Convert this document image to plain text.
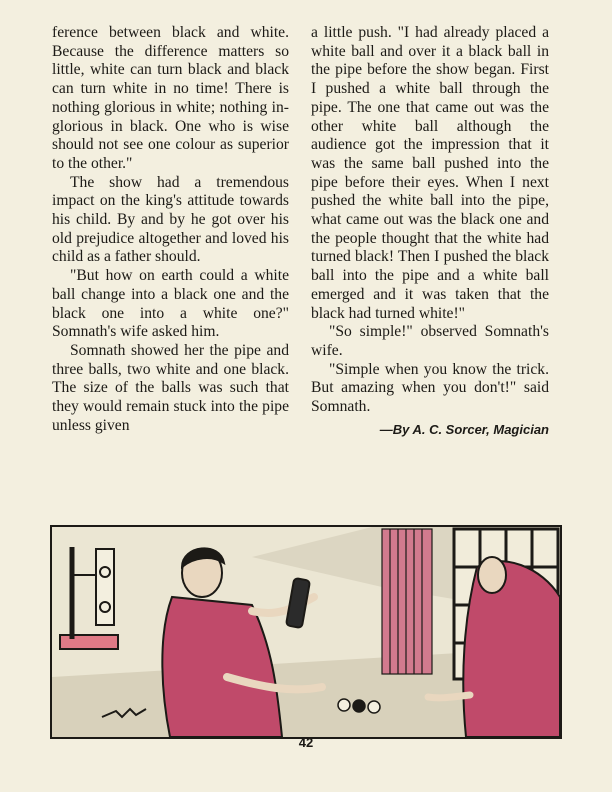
ference between black and white. Because the difference matters so little, white can turn black and black can turn white in no time! There is nothing glorious in white; nothing in-glorious in black. One who is wise should not see one colour as superior to the other."

The show had a tremendous impact on the king's attitude towards his child. By and by he got over his old prejudice altogether and loved his child as a father should.

"But how on earth could a white ball change into a black one and the black one into a white one?" Somnath's wife asked him.

Somnath showed her the pipe and three balls, two white and one black. The size of the balls was such that they would remain stuck into the pipe unless given

a little push. "I had already placed a white ball and over it a black ball in the pipe before the show began. First I pushed a white ball through the pipe. The one that came out was the other white ball although the audience got the impression that it was the same ball pushed into the pipe before their eyes. When I next pushed the white ball into the pipe, what came out was the black one and the people thought that the white had turned black! Then I pushed the black ball into the pipe and a white ball emerged and it was taken that the black had turned white!"

"So simple!" observed Somnath's wife.

"Simple when you know the trick. But amazing when you don't!" said Somnath.

—By A. C. Sorcer, Magician
42
